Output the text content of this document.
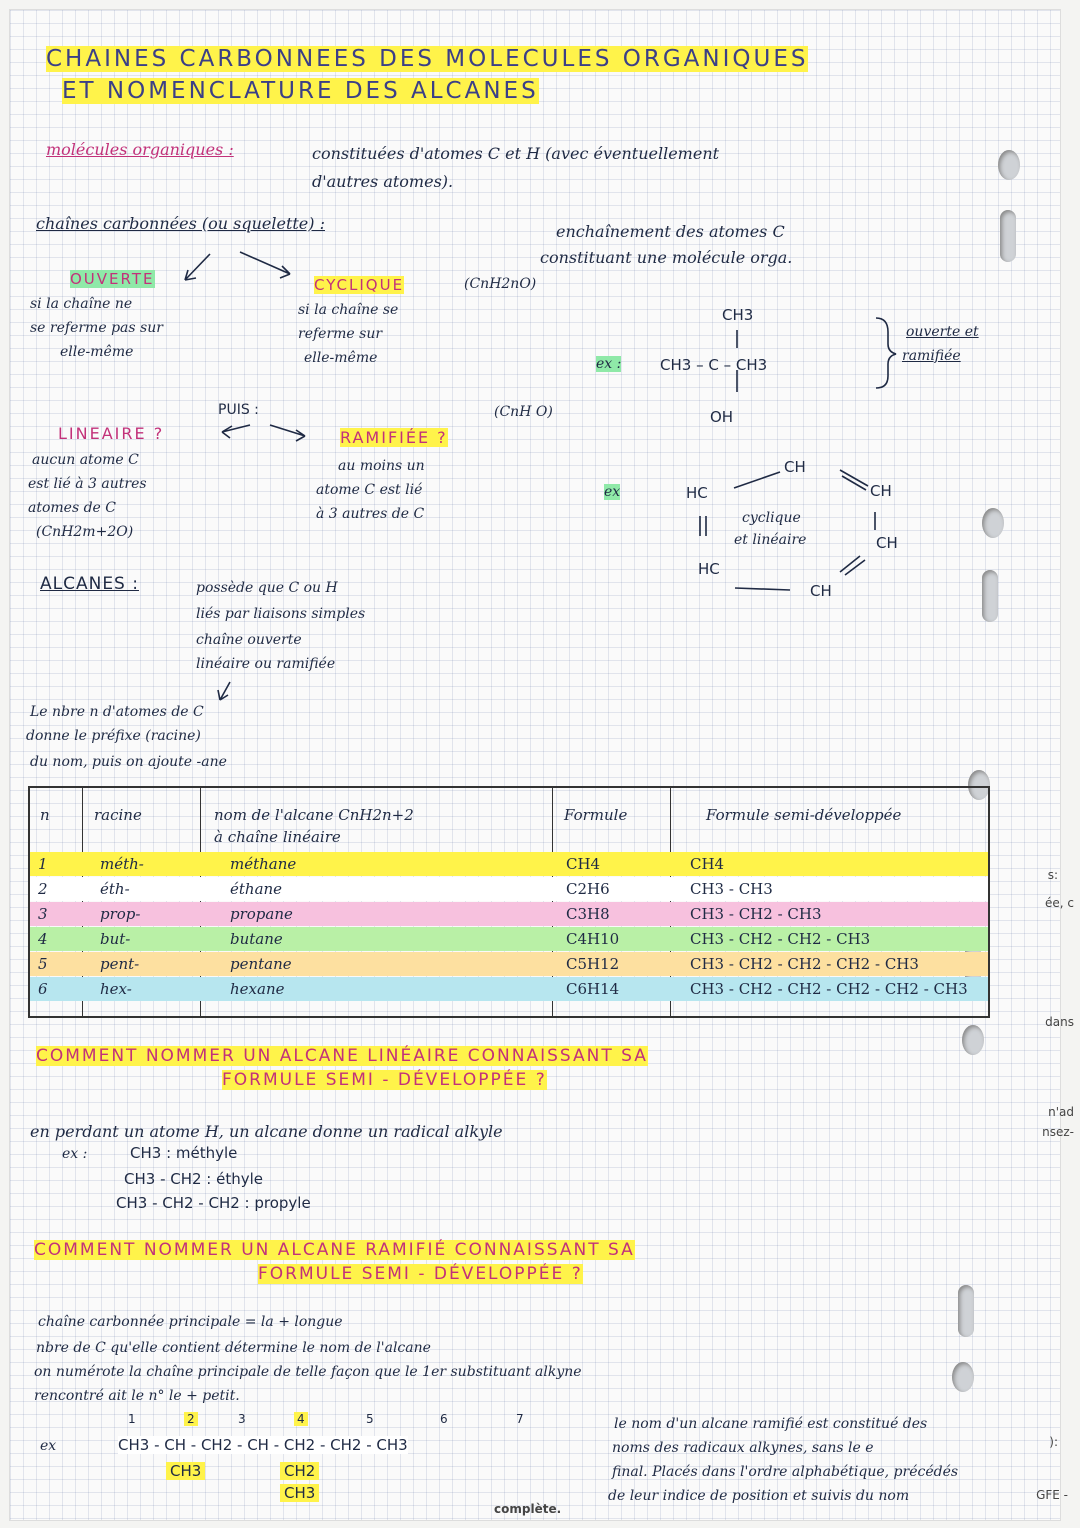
s:
ée, c
dans
n'ad
nsez-
):
GFE -
CHAINES CARBONNEES DES MOLECULES ORGANIQUES
ET NOMENCLATURE DES ALCANES
molécules organiques :	constituées d'atomes C et H (avec éventuellement
d'autres atomes).
chaînes carbonnées (ou squelette) :	enchaînement des atomes C
constituant une molécule orga.
OUVERTE
si la chaîne ne
se referme pas sur
elle-même
CYCLIQUE	(CnH2nO)
si la chaîne se
referme sur
elle-même	ex :
CH3
CH3 – C – CH3
OH
ouverte et
ramifiée
PUIS :
LINEAIRE ?
aucun atome C
est lié à 3 autres
atomes de C
(CnH2m+2O)
RAMIFIÉE ?
(CnH O)
au moins un
atome C est lié
à 3 autres de C
ex
CH
CH
CH
CH
HC
HC
cyclique
et linéaire
ALCANES :	possède que C ou H
liés par liaisons simples
chaîne ouverte
linéaire ou ramifiée
Le nbre n d'atomes de C
donne le préfixe (racine)
du nom, puis on ajoute -ane
n	racine	nom de l'alcane CnH2n+2
à chaîne linéaire
Formule	Formule semi-développée
1	méth-	méthane	CH4	CH4
2	éth-	éthane	C2H6	CH3 - CH3
3	prop-	propane	C3H8	CH3 - CH2 - CH3
4	but-	butane	C4H10	CH3 - CH2 - CH2 - CH3
5	pent-	pentane	C5H12	CH3 - CH2 - CH2 - CH2 - CH3
6	hex-	hexane	C6H14	CH3 - CH2 - CH2 - CH2 - CH2 - CH3
COMMENT NOMMER UN ALCANE LINÉAIRE CONNAISSANT SA
FORMULE SEMI - DÉVELOPPÉE ?
en perdant un atome H, un alcane donne un radical alkyle
ex :	CH3 : méthyle
CH3 - CH2 : éthyle
CH3 - CH2 - CH2 : propyle
COMMENT NOMMER UN ALCANE RAMIFIÉ CONNAISSANT SA
FORMULE SEMI - DÉVELOPPÉE ?
chaîne carbonnée principale = la + longue
nbre de C qu'elle contient détermine le nom de l'alcane
on numérote la chaîne principale de telle façon que le 1er substituant alkyne
rencontré ait le n° le + petit.
ex
1	2	3	4	5	6	7
CH3 - CH - CH2 - CH - CH2 - CH2 - CH3
CH3	CH2
CH3
le nom d'un alcane ramifié est constitué des
noms des radicaux alkynes, sans le e
final. Placés dans l'ordre alphabétique, précédés
de leur indice de position et suivis du nom
complète.
